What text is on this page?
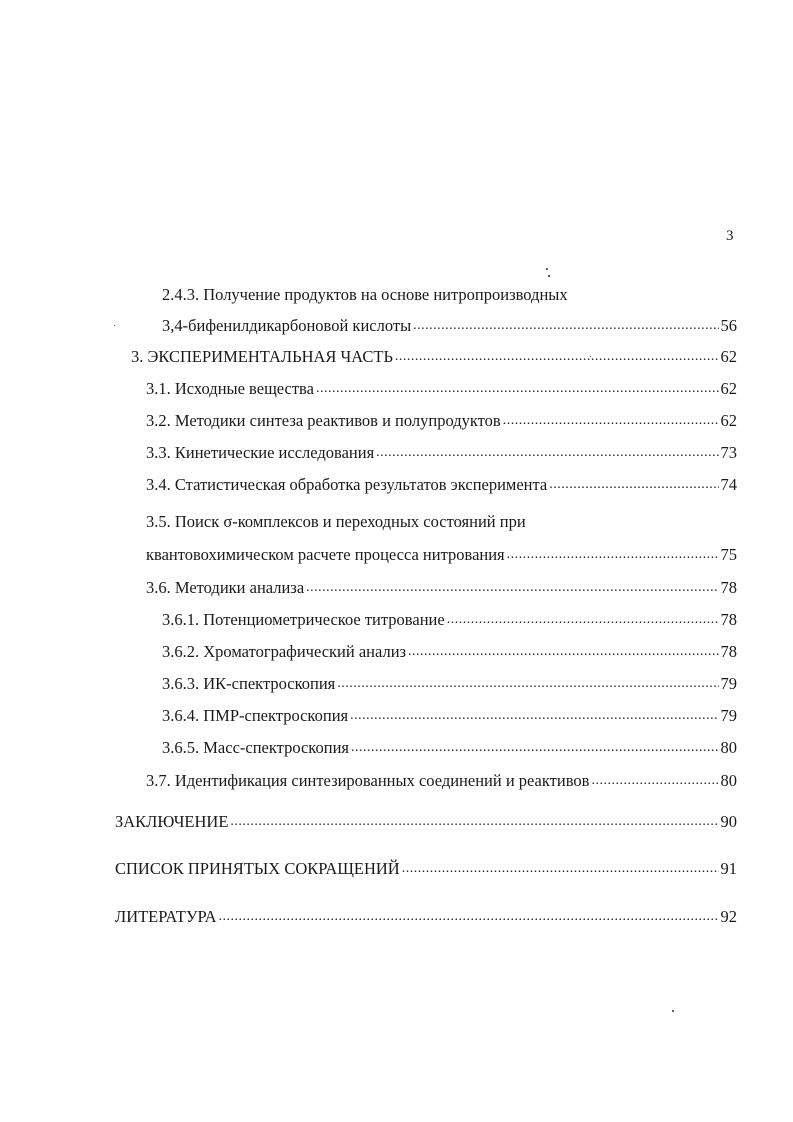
3
2.4.3. Получение продуктов на основе нитропроизводных
3,4-бифенилдикарбоновой кислоты .....	56
3. ЭКСПЕРИМЕНТАЛЬНАЯ ЧАСТЬ .....	62
3.1. Исходные вещества .....	62
3.2. Методики синтеза реактивов и полупродуктов .....	62
3.3. Кинетические исследования .....	73
3.4. Статистическая обработка результатов эксперимента .....	74
3.5. Поиск σ-комплексов и переходных состояний при
квантовохимическом расчете процесса нитрования .....	75
3.6. Методики анализа .....	78
3.6.1. Потенциометрическое титрование .....	78
3.6.2. Хроматографический анализ .....	78
3.6.3. ИК-спектроскопия .....	79
3.6.4. ПМР-спектроскопия .....	79
3.6.5. Масс-спектроскопия .....	80
3.7. Идентификация синтезированных соединений и реактивов .....	80
ЗАКЛЮЧЕНИЕ .....	90
СПИСОК ПРИНЯТЫХ СОКРАЩЕНИЙ .....	91
ЛИТЕРАТУРА .....	92
